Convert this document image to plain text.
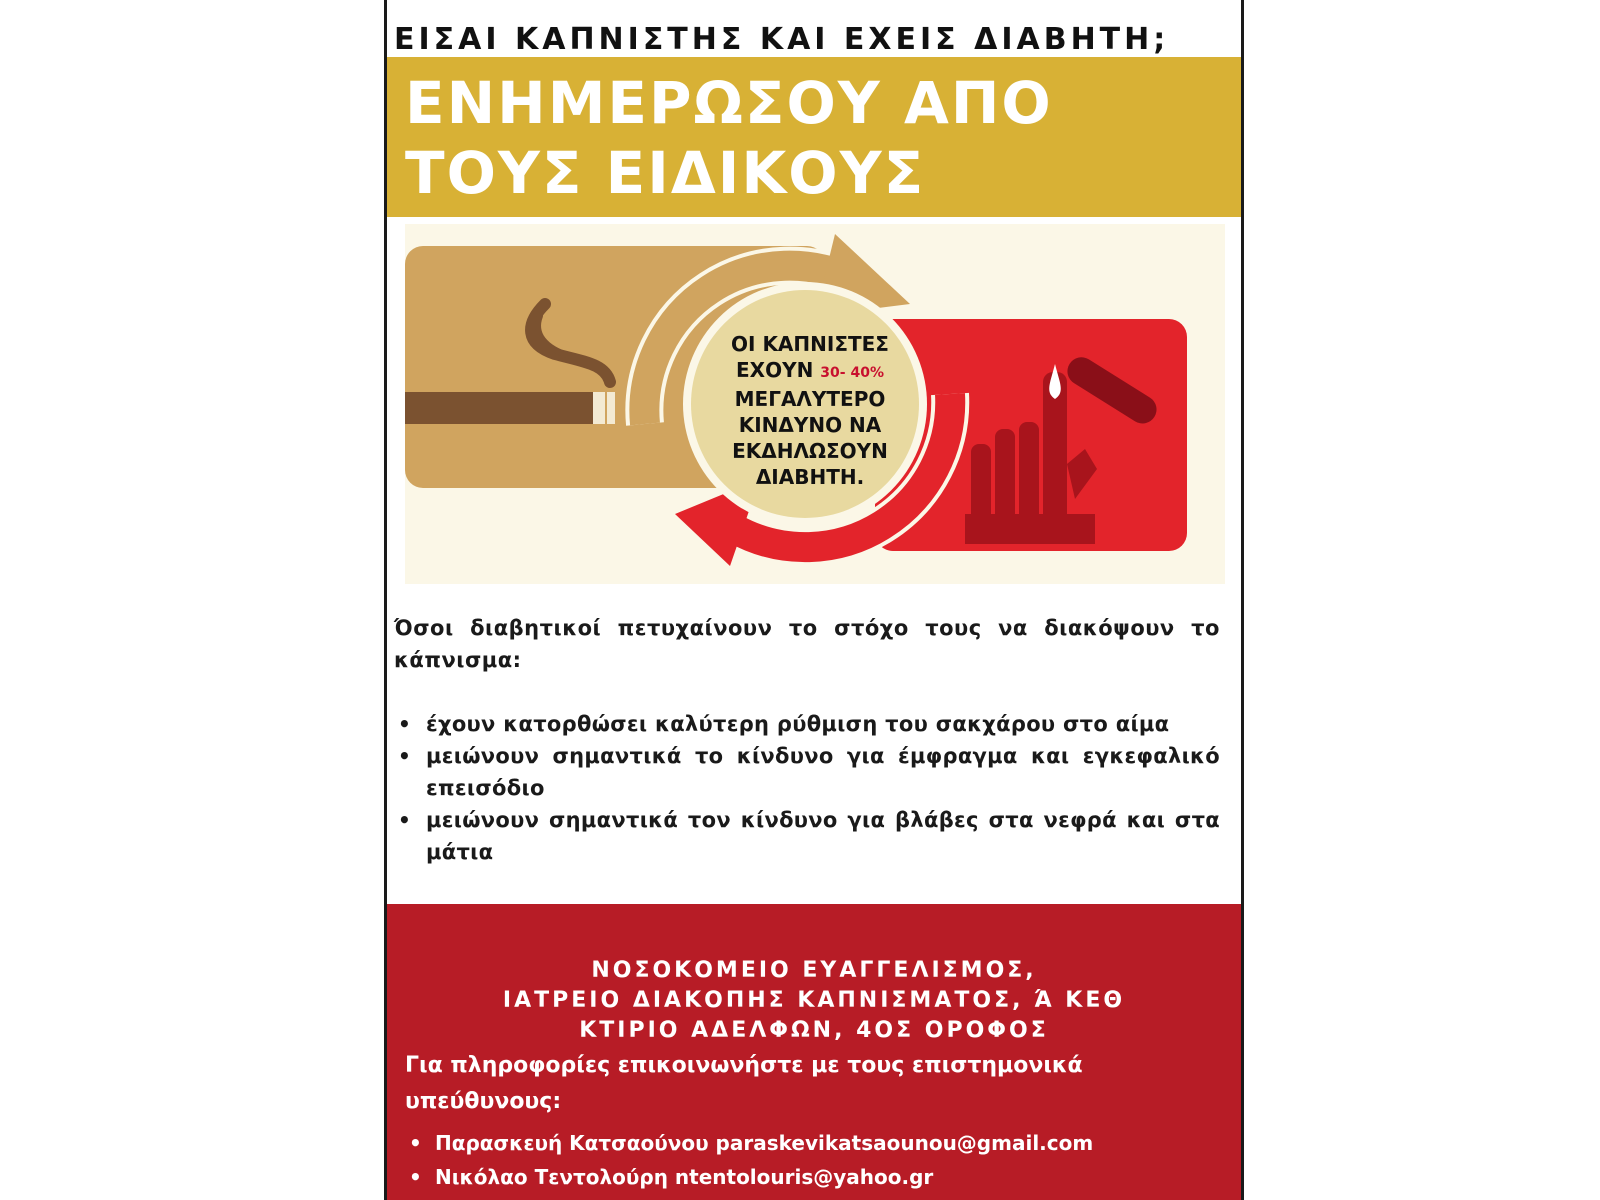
ΕΙΣΑΙ ΚΑΠΝΙΣΤΗΣ ΚΑΙ ΕΧΕΙΣ ΔΙΑΒΗΤΗ;
ΕΝΗΜΕΡΩΣΟΥ ΑΠΟ
ΤΟΥΣ ΕΙΔΙΚΟΥΣ
ΟΙ ΚΑΠΝΙΣΤΕΣ
ΕΧΟΥΝ 30- 40%
ΜΕΓΑΛΥΤΕΡΟ
ΚΙΝΔΥΝΟ ΝΑ
ΕΚΔΗΛΩΣΟΥΝ
ΔΙΑΒΗΤΗ.
Όσοι διαβητικοί πετυχαίνουν το στόχο τους να διακόψουν το κάπνισμα:
• έχουν κατορθώσει καλύτερη ρύθμιση του σακχάρου στο αίμα
• μειώνουν σημαντικά το κίνδυνο για έμφραγμα και εγκεφαλικό επεισόδιο
• μειώνουν σημαντικά τον κίνδυνο για βλάβες στα νεφρά και στα μάτια
ΝΟΣΟΚΟΜΕΙΟ ΕΥΑΓΓΕΛΙΣΜΟΣ,
ΙΑΤΡΕΙΟ ΔΙΑΚΟΠΗΣ ΚΑΠΝΙΣΜΑΤΟΣ, Ά ΚΕΘ
ΚΤΙΡΙΟ ΑΔΕΛΦΩΝ, 4ΟΣ ΟΡΟΦΟΣ
Για πληροφορίες επικοινωνήστε με τους επιστημονικά υπεύθυνους:
• Παρασκευή Κατσαούνου paraskevikatsaounou@gmail.com
• Νικόλαο Τεντολούρη ntentolouris@yahoo.gr
